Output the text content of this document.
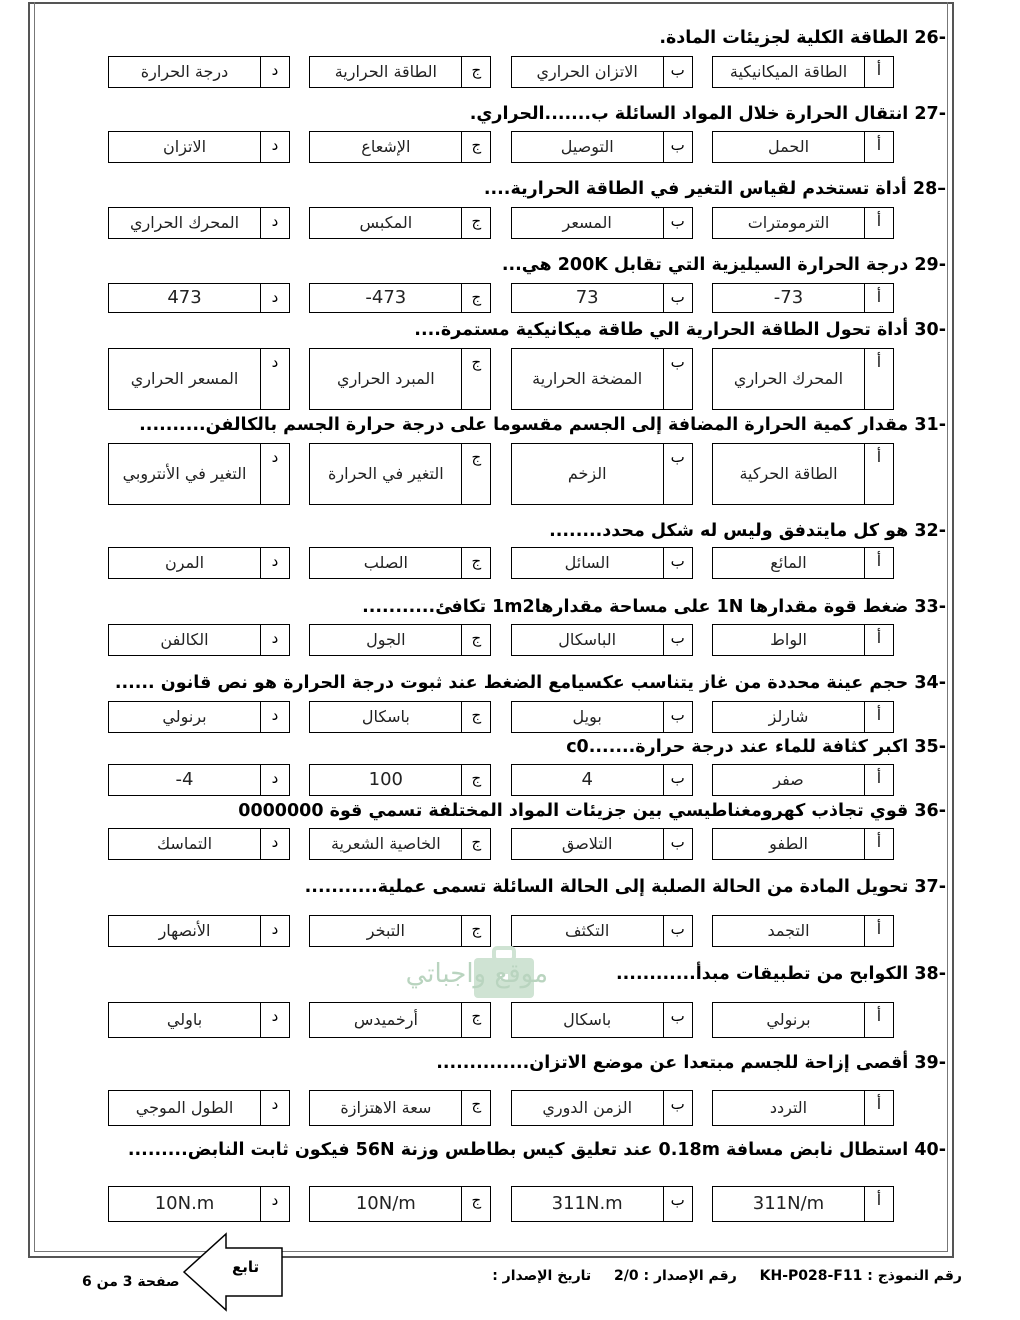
26- الطاقة الكلية لجزيئات المادة.
أ
الطاقة الميكانيكية
ب
الاتزان الحراري
ج
الطاقة الحرارية
د
درجة الحرارة
27- انتقال الحرارة خلال المواد السائلة ب.......الحراري.
أ
الحمل
ب
التوصيل
ج
الإشعاع
د
الاتزان
28– أداة تستخدم لقياس التغير في الطاقة الحرارية....
أ
الترمومترات
ب
المسعر
ج
المكبس
د
المحرك الحراري
29- درجة الحرارة السيليزية التي تقابل 200K هي...
أ
-73
ب
73
ج
-473
د
473
30- أداة تحول الطاقة الحرارية الي طاقة ميكانيكية مستمرة....
أ
المحرك الحراري
ب
المضخة الحرارية
ج
المبرد الحراري
د
المسعر الحراري
31- مقدار كمية الحرارة المضافة إلى الجسم مقسوما على درجة حرارة الجسم بالكالفن..........
أ
الطاقة الحركية
ب
الزخم
ج
التغير في الحرارة
د
التغير في الأنتروبي
32- هو كل مايتدفق وليس له شكل محدد........
أ
المائع
ب
السائل
ج
الصلب
د
المرن
33- ضغط قوة مقدارها 1N على مساحة مقدارها1m2 تكافئ...........
أ
الواط
ب
الباسكال
ج
الجول
د
الكالفن
34- حجم عينة محددة من غاز يتناسب عكسيامع الضغط عند ثبوت درجة الحرارة هو نص قانون ......
أ
شارلز
ب
بويل
ج
باسكال
د
برنولي
35- اكبر كثافة للماء عند درجة حرارة.......c0
أ
صفر
ب
4
ج
100
د
-4
36- قوي تجاذب كهرومغناطيسي بين جزيئات المواد المختلفة تسمي قوة 0000000
أ
الطفو
ب
التلاصق
ج
الخاصية الشعرية
د
التماسك
37- تحويل المادة من الحالة الصلبة إلى الحالة السائلة تسمى عملية...........
أ
التجمد
ب
التكثف
ج
التبخر
د
الأنصهار
38- الكوابح من تطبيقات مبدأ............
أ
برنولي
ب
باسكال
ج
أرخميدس
د
باولي
39- أقصى إزاحة للجسم مبتعدا عن موضع الاتزان..............
أ
التردد
ب
الزمن الدوري
ج
سعة الاهتزازة
د
الطول الموجي
40- استطال نابض مسافة 0.18m عند تعليق كيس بطاطس وزنة 56N فيكون ثابت النابض.........
أ
311N/m
ب
311N.m
ج
10N/m
د
10N.m
موقع واجباتي
رقم النموذج : KH-P028-F11 رقم الإصدار : 2/0 تاريخ الإصدار :
صفحة 3 من 6
تابع
